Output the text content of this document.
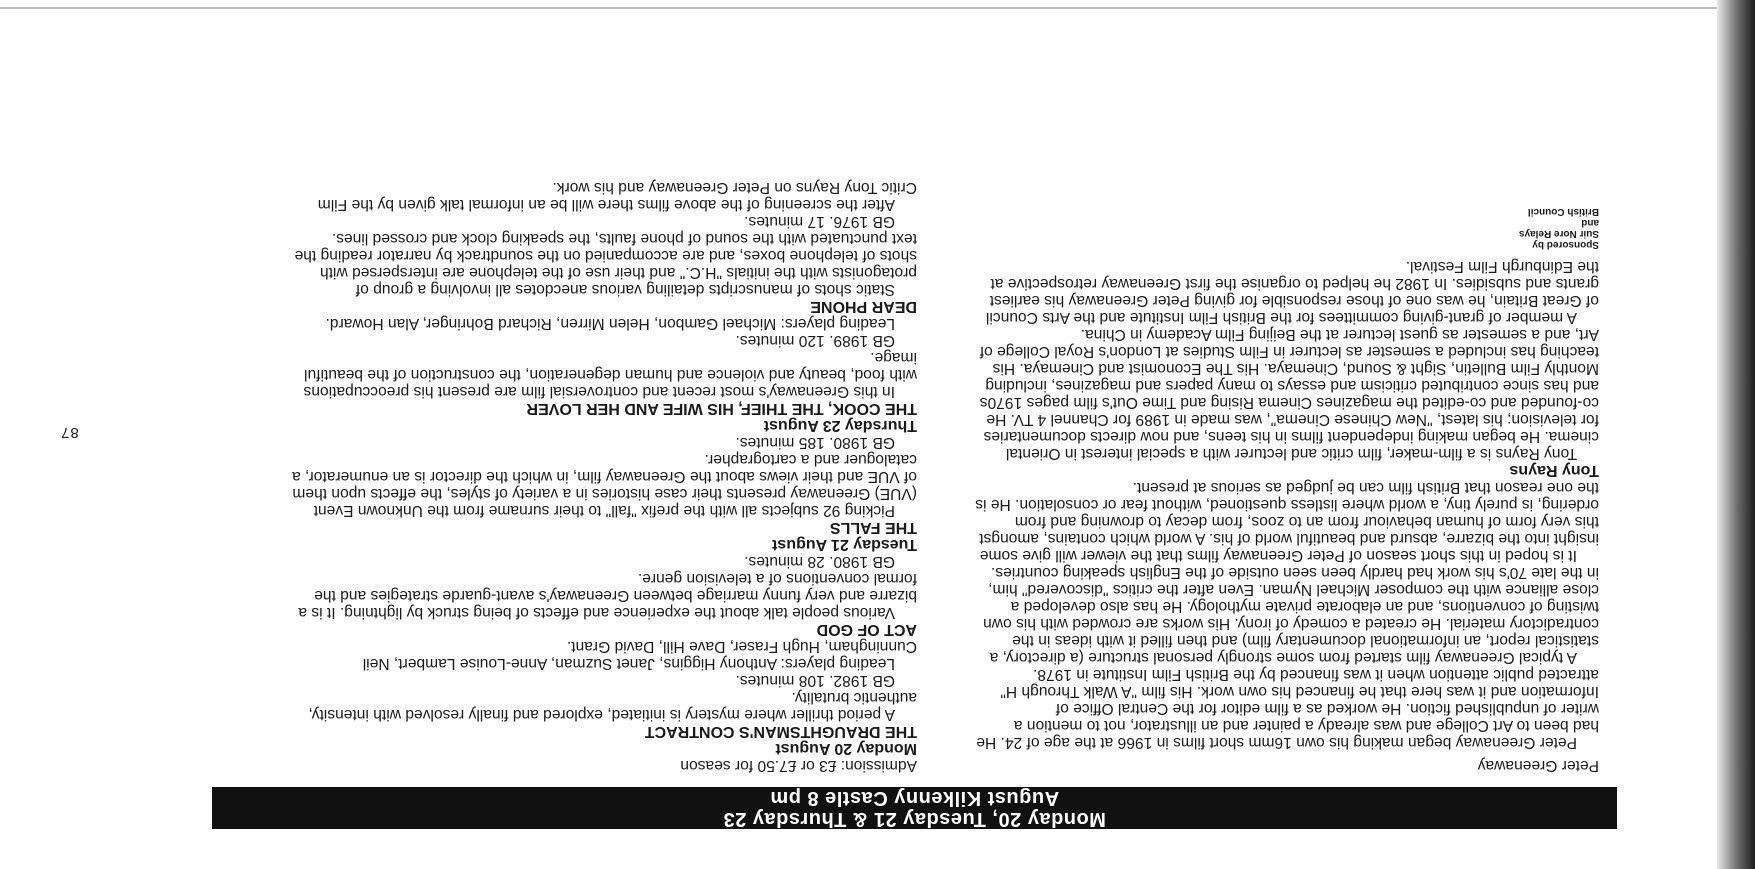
87
Monday 20, Tuesday 21 & Thursday 23
August Kilkenny Castle 8 pm

Peter Greenaway

Peter Greenaway began making his own 16mm short films in 1966 at the age of 24. He had been to Art College and was already a painter and an illustrator, not to mention a writer of unpublished fiction. He worked as a film editor for the Central Office of Information and it was here that he financed his own work. His film "A Walk Through H" attracted public attention when it was financed by the British Film Institute in 1978.

A typical Greenaway film started from some strongly personal structure (a directory, a statistical report, an informational documentary film) and then filled it with ideas in the contradictory material. He created a comedy of irony. His works are crowded with his own twisting of conventions, and an elaborate private mythology. He has also developed a close alliance with the composer Michael Nyman. Even after the critics "discovered" him, in the late 70's his work had hardly been seen outside of the English speaking countries.

It is hoped in this short season of Peter Greenaway films that the viewer will give some insight into the bizarre, absurd and beautiful world of his. A world which contains, amongst this very form of human behaviour from an to zoos, from decay to drowning and from ordering, is purely tiny, a world where listless questioned, without fear or consolation. He is the one reason that British film can be judged as serious at present.

Tony Rayns

Tony Rayns is a film-maker, film critic and lecturer with a special interest in Oriental cinema. He began making independent films in his teens, and now directs documentaries for television; his latest, "New Chinese Cinema", was made in 1989 for Channel 4 TV. He co-founded and co-edited the magazines Cinema Rising and Time Out's film pages 1970s and has since contributed criticism and essays to many papers and magazines, including Monthly Film Bulletin, Sight & Sound, Cinemaya. His The Economist and Cinemaya. His teaching has included a semester as lecturer in Film Studies at London's Royal College of Art, and a semester as guest lecturer at the Beijing Film Academy in China.

A member of grant-giving committees for the British Film Institute and the Arts Council of Great Britain, he was one of those responsible for giving Peter Greenaway his earliest grants and subsidies. In 1982 he helped to organise the first Greenaway retrospective at the Edinburgh Film Festival.

Sponsored by
Suir Nore Relays
and
British Council

Admission: £3 or £7.50 for season

Monday 20 August

THE DRAUGHTSMAN'S CONTRACT

A period thriller where mystery is initiated, explored and finally resolved with intensity, authentic brutality.

GB 1982. 108 minutes.

Leading players: Anthony Higgins, Janet Suzman, Anne-Louise Lambert, Neil Cunningham, Hugh Fraser, Dave Hill, David Grant.

ACT OF GOD

Various people talk about the experience and effects of being struck by lightning. It is a bizarre and very funny marriage between Greenaway's avant-guarde strategies and the formal conventions of a television genre.

GB 1980. 28 minutes.

Tuesday 21 August

THE FALLS

Picking 92 subjects all with the prefix "fall" to their surname from the Unknown Event (VUE) Greenaway presents their case histories in a variety of styles, the effects upon them of VUE and their views about the Greenaway film, in which the director is an enumerator, a cataloguer and a cartographer.

GB 1980. 185 minutes.

Thursday 23 August

THE COOK, THE THIEF, HIS WIFE AND HER LOVER

In this Greenaway's most recent and controversial film are present his preoccupations with food, beauty and violence and human degeneration, the construction of the beautiful image.

GB 1989. 120 minutes.

Leading players: Michael Gambon, Helen Mirren, Richard Bohringer, Alan Howard.

DEAR PHONE

Static shots of manuscripts detailing various anecdotes all involving a group of protagonists with the initials "H.C." and their use of the telephone are interspersed with shots of telephone boxes, and are accompanied on the soundtrack by narrator reading the text punctuated with the sound of phone faults, the speaking clock and crossed lines.

GB 1976. 17 minutes.

After the screening of the above films there will be an informal talk given by the Film Critic Tony Rayns on Peter Greenaway and his work.
